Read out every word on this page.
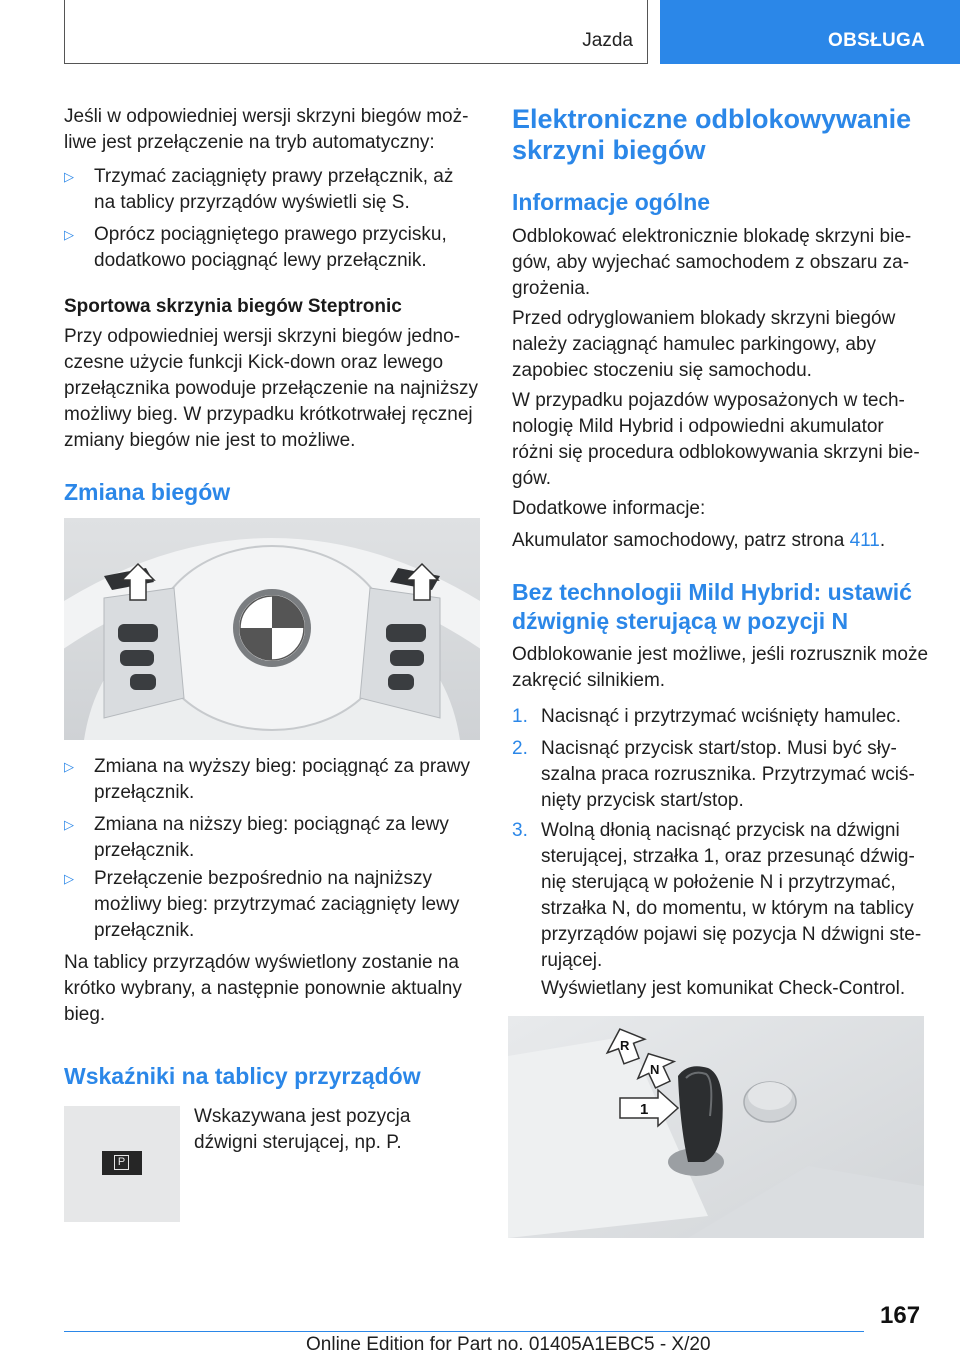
Jazda	OBSŁUGA

Jeśli w odpowiedniej wersji skrzyni biegów możliwe jest przełączenie na tryb automatyczny:

▷	Trzymać zaciągnięty prawy przełącznik, aż na tablicy przyrządów wyświetli się S.
▷	Oprócz pociągniętego prawego przycisku, dodatkowo pociągnąć lewy przełącznik.
Sportowa skrzynia biegów Steptronic

Przy odpowiedniej wersji skrzyni biegów jednoczesne użycie funkcji Kick-down oraz lewego przełącznika powoduje przełączenie na najniższy możliwy bieg. W przypadku krótkotrwałej ręcznej zmiany biegów nie jest to możliwe.

Zmiana biegów
▷	Zmiana na wyższy bieg: pociągnąć za prawy przełącznik.
▷	Zmiana na niższy bieg: pociągnąć za lewy przełącznik.
▷	Przełączenie bezpośrednio na najniższy możliwy bieg: przytrzymać zaciągnięty lewy przełącznik.

Na tablicy przyrządów wyświetlony zostanie na krótko wybrany, a następnie ponownie aktualny bieg.

Wskaźniki na tablicy przyrządów
P

Wskazywana jest pozycja dźwigni sterującej, np. P.

Elektroniczne odblokowywanie skrzyni biegów
Informacje ogólne

Odblokować elektronicznie blokadę skrzyni biegów, aby wyjechać samochodem z obszaru zagrożenia.

Przed odryglowaniem blokady skrzyni biegów należy zaciągnąć hamulec parkingowy, aby zapobiec stoczeniu się samochodu.

W przypadku pojazdów wyposażonych w technologię Mild Hybrid i odpowiedni akumulator różni się procedura odblokowywania skrzyni biegów.

Dodatkowe informacje:

Akumulator samochodowy, patrz strona 411.

Bez technologii Mild Hybrid: ustawić dźwignię sterującą w pozycji N

Odblokowanie jest możliwe, jeśli rozrusznik może zakręcić silnikiem.

1. Nacisnąć i przytrzymać wciśnięty hamulec.
2. Nacisnąć przycisk start/stop. Musi być słyszalna praca rozrusznika. Przytrzymać wciśnięty przycisk start/stop.
3. Wolną dłonią nacisnąć przycisk na dźwigni sterującej, strzałka 1, oraz przesunąć dźwignię sterującą w położenie N i przytrzymać, strzałka N, do momentu, w którym na tablicy przyrządów pojawi się pozycja N dźwigni sterującej.

Wyświetlany jest komunikat Check-Control.

R
N
1
167
Online Edition for Part no. 01405A1EBC5 - X/20
